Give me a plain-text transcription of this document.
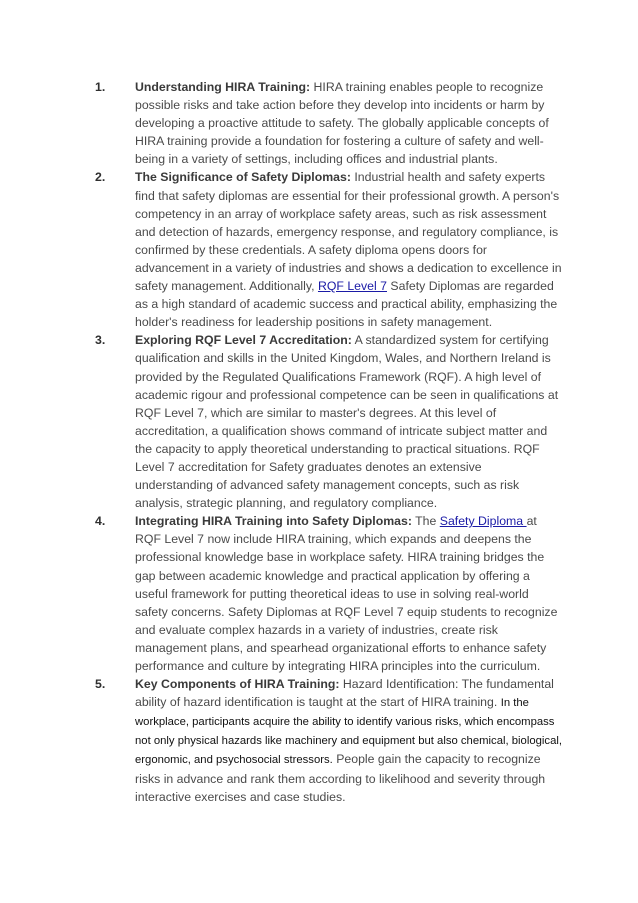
1. Understanding HIRA Training: HIRA training enables people to recognize possible risks and take action before they develop into incidents or harm by developing a proactive attitude to safety. The globally applicable concepts of HIRA training provide a foundation for fostering a culture of safety and well-being in a variety of settings, including offices and industrial plants.
2. The Significance of Safety Diplomas: Industrial health and safety experts find that safety diplomas are essential for their professional growth. A person's competency in an array of workplace safety areas, such as risk assessment and detection of hazards, emergency response, and regulatory compliance, is confirmed by these credentials. A safety diploma opens doors for advancement in a variety of industries and shows a dedication to excellence in safety management. Additionally, RQF Level 7 Safety Diplomas are regarded as a high standard of academic success and practical ability, emphasizing the holder's readiness for leadership positions in safety management.
3. Exploring RQF Level 7 Accreditation: A standardized system for certifying qualification and skills in the United Kingdom, Wales, and Northern Ireland is provided by the Regulated Qualifications Framework (RQF). A high level of academic rigour and professional competence can be seen in qualifications at RQF Level 7, which are similar to master's degrees. At this level of accreditation, a qualification shows command of intricate subject matter and the capacity to apply theoretical understanding to practical situations. RQF Level 7 accreditation for Safety graduates denotes an extensive understanding of advanced safety management concepts, such as risk analysis, strategic planning, and regulatory compliance.
4. Integrating HIRA Training into Safety Diplomas: The Safety Diploma at RQF Level 7 now include HIRA training, which expands and deepens the professional knowledge base in workplace safety. HIRA training bridges the gap between academic knowledge and practical application by offering a useful framework for putting theoretical ideas to use in solving real-world safety concerns. Safety Diplomas at RQF Level 7 equip students to recognize and evaluate complex hazards in a variety of industries, create risk management plans, and spearhead organizational efforts to enhance safety performance and culture by integrating HIRA principles into the curriculum.
5. Key Components of HIRA Training: Hazard Identification: The fundamental ability of hazard identification is taught at the start of HIRA training. In the workplace, participants acquire the ability to identify various risks, which encompass not only physical hazards like machinery and equipment but also chemical, biological, ergonomic, and psychosocial stressors. People gain the capacity to recognize risks in advance and rank them according to likelihood and severity through interactive exercises and case studies.
